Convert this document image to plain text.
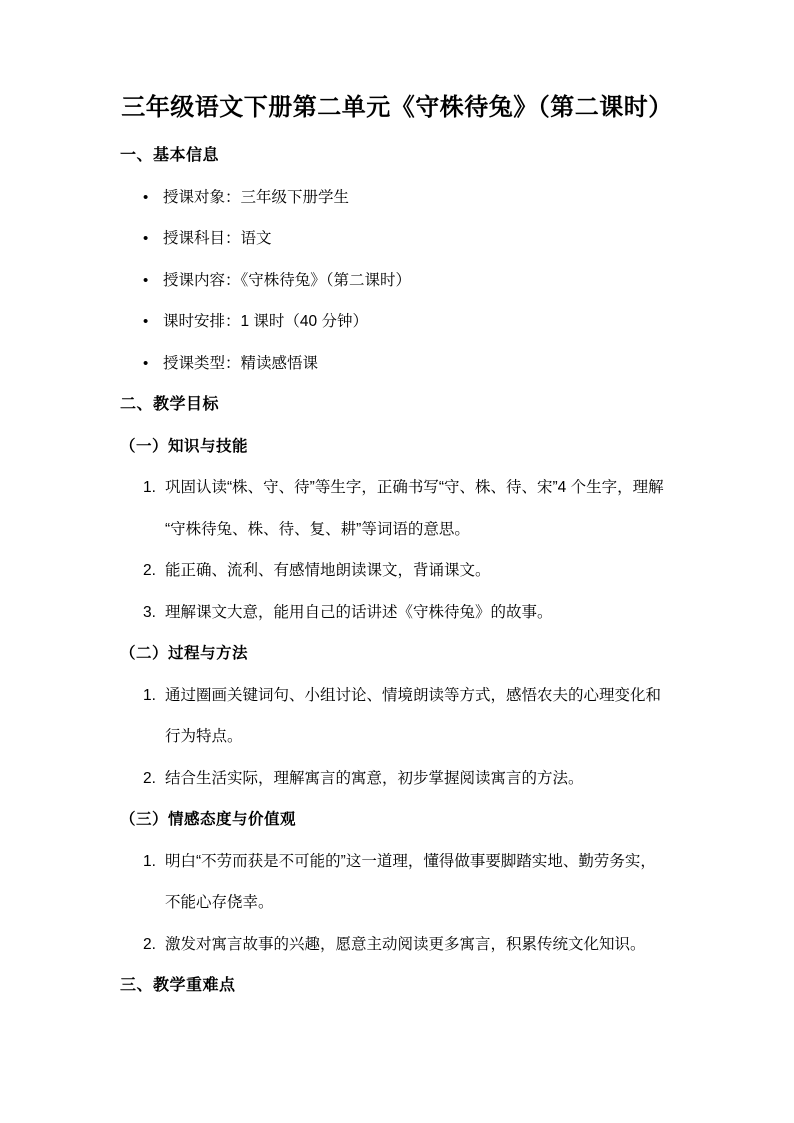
三年级语文下册第二单元《守株待兔》（第二课时）
一、基本信息
• 授课对象：三年级下册学生
• 授课科目：语文
• 授课内容：《守株待兔》（第二课时）
• 课时安排：1 课时（40 分钟）
• 授课类型：精读感悟课
二、教学目标
（一）知识与技能
1. 巩固认读“株、守、待”等生字，正确书写“守、株、待、宋”4 个生字，理解
“守株待兔、株、待、复、耕”等词语的意思。
2. 能正确、流利、有感情地朗读课文，背诵课文。
3. 理解课文大意，能用自己的话讲述《守株待兔》的故事。
（二）过程与方法
1. 通过圈画关键词句、小组讨论、情境朗读等方式，感悟农夫的心理变化和
行为特点。
2. 结合生活实际，理解寓言的寓意，初步掌握阅读寓言的方法。
（三）情感态度与价值观
1. 明白“不劳而获是不可能的”这一道理，懂得做事要脚踏实地、勤劳务实，
不能心存侥幸。
2. 激发对寓言故事的兴趣，愿意主动阅读更多寓言，积累传统文化知识。
三、教学重难点
